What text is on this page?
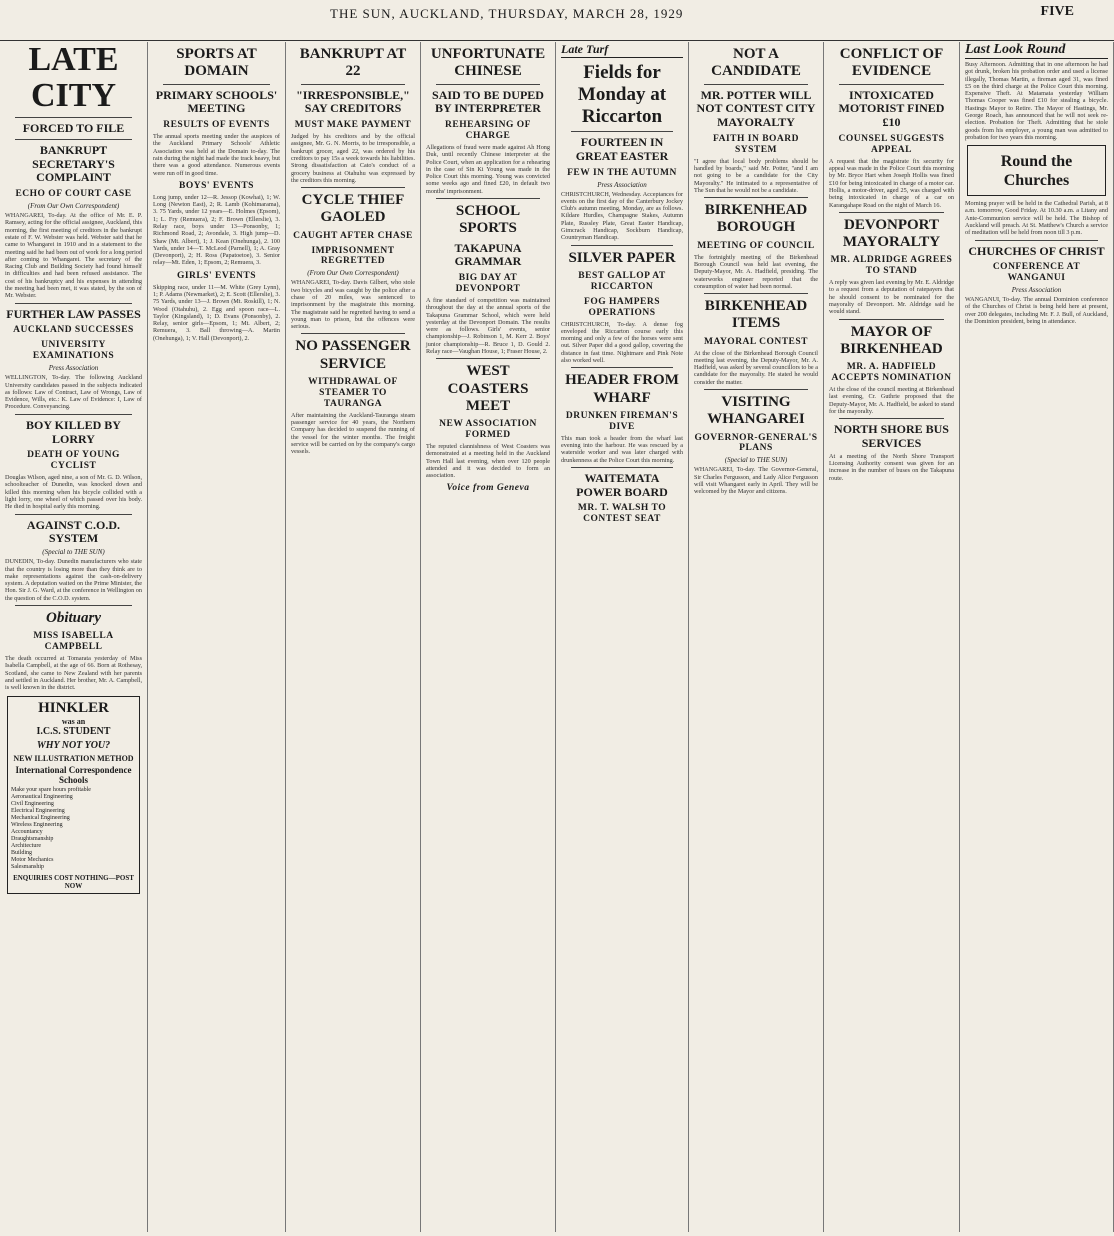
THE SUN, AUCKLAND, THURSDAY, MARCH 28, 1929	FIVE
LATE CITY
FORCED TO FILE
BANKRUPT SECRETARY'S COMPLAINT
ECHO OF COURT CASE
(From Our Own Correspondent)
WHANGAREI, To-day. At the office of Mr. E. P. Ramsey, acting for the official assignee, Auckland, this morning, the first meeting of creditors in the bankrupt estate of F. W. Webster was held. Webster said that he came to Whangarei in 1910 and in a statement to the meeting said he had been out of work for a long period after coming to Whangarei. The secretary of the Racing Club and Building Society had found himself in difficulties and had been refused assistance. The cost of his bankruptcy and his expenses in attending the meeting had been met, it was stated, by the son of Mr. Webster.
FURTHER LAW PASSES
AUCKLAND SUCCESSES
UNIVERSITY EXAMINATIONS
Press Association
WELLINGTON, To-day. The following Auckland University candidates passed in the subjects indicated as follows: Law of Contract, Law of Wrongs, Law of Evidence, Wills, etc.: K. Law of Evidence: I, Law of Procedure. Conveyancing.
BOY KILLED BY LORRY
DEATH OF YOUNG CYCLIST
Douglas Wilson, aged nine, a son of Mr. G. D. Wilson, schoolteacher of Dunedin, was knocked down and killed this morning when his bicycle collided with a light lorry, one wheel of which passed over his body. He died in hospital early this morning.
AGAINST C.O.D. SYSTEM
(Special to THE SUN)
DUNEDIN, To-day. Dunedin manufacturers who state that the country is losing more than they think are to make representations against the cash-on-delivery system. A deputation waited on the Prime Minister, the Hon. Sir J. G. Ward, at the conference in Wellington on the question of the C.O.D. system.
Obituary
MISS ISABELLA CAMPBELL
The death occurred at Tomarata yesterday of Miss Isabella Campbell, at the age of 66. Born at Rothesay, Scotland, she came to New Zealand with her parents and settled in Auckland. Her brother, Mr. A. Campbell, is well known in the district.
HINKLER
was an
I.C.S. STUDENT
WHY NOT YOU?
NEW ILLUSTRATION METHOD
International Correspondence Schools
Make your spare hours profitable
Aeronautical Engineering
Civil Engineering
Electrical Engineering
Mechanical Engineering
Wireless Engineering
Accountancy
Draughtsmanship
Architecture
Building
Motor Mechanics
Salesmanship
ENQUIRIES COST NOTHING—POST NOW
SPORTS AT DOMAIN
PRIMARY SCHOOLS' MEETING
RESULTS OF EVENTS
The annual sports meeting under the auspices of the Auckland Primary Schools' Athletic Association was held at the Domain to-day. The rain during the night had made the track heavy, but there was a good attendance. Numerous events were run off in good time.
BOYS' EVENTS
Long jump, under 12—R. Jessop (Kowhai), 1; W. Long (Newton East), 2; R. Lamb (Kohimarama), 3. 75 Yards, under 12 years—E. Holmes (Epsom), 1; L. Fry (Remuera), 2; F. Brown (Ellerslie), 3. Relay race, boys under 13—Ponsonby, 1; Richmond Road, 2; Avondale, 3. High jump—D. Shaw (Mt. Albert), 1; J. Kean (Onehunga), 2. 100 Yards, under 14—T. McLeod (Parnell), 1; A. Gray (Devonport), 2; H. Ross (Papatoetoe), 3. Senior relay—Mt. Eden, 1; Epsom, 2; Remuera, 3.
GIRLS' EVENTS
Skipping race, under 11—M. White (Grey Lynn), 1; P. Adams (Newmarket), 2; E. Scott (Ellerslie), 3. 75 Yards, under 13—J. Brown (Mt. Roskill), 1; N. Wood (Otahuhu), 2. Egg and spoon race—L. Taylor (Kingsland), 1; D. Evans (Ponsonby), 2. Relay, senior girls—Epsom, 1; Mt. Albert, 2; Remuera, 3. Ball throwing—A. Martin (Onehunga), 1; V. Hall (Devonport), 2.
BANKRUPT AT 22
"IRRESPONSIBLE," SAY CREDITORS
MUST MAKE PAYMENT
Judged by his creditors and by the official assignee, Mr. G. N. Morris, to be irresponsible, a bankrupt grocer, aged 22, was ordered by his creditors to pay 15s a week towards his liabilities. Strong dissatisfaction at Cato's conduct of a grocery business at Otahuhu was expressed by the creditors this morning.
CYCLE THIEF GAOLED
CAUGHT AFTER CHASE
IMPRISONMENT REGRETTED
(From Our Own Correspondent)
WHANGAREI, To-day. Davis Gilbert, who stole two bicycles and was caught by the police after a chase of 20 miles, was sentenced to imprisonment by the magistrate this morning. The magistrate said he regretted having to send a young man to prison, but the offences were serious.
NO PASSENGER SERVICE
WITHDRAWAL OF STEAMER TO TAURANGA
After maintaining the Auckland-Tauranga steam passenger service for 40 years, the Northern Company has decided to suspend the running of the vessel for the winter months. The freight service will be carried on by the company's cargo vessels.
UNFORTUNATE CHINESE
SAID TO BE DUPED BY INTERPRETER
REHEARSING OF CHARGE
Allegations of fraud were made against Ah Hong Duk, until recently Chinese interpreter at the Police Court, when an application for a rehearing in the case of Sin Ki Young was made in the Police Court this morning. Young was convicted some weeks ago and fined £20, in default two months' imprisonment.
SCHOOL SPORTS
TAKAPUNA GRAMMAR
BIG DAY AT DEVONPORT
A fine standard of competition was maintained throughout the day at the annual sports of the Takapuna Grammar School, which were held yesterday at the Devonport Domain. The results were as follows. Girls' events, senior championship—J. Robinson 1, M. Kerr 2. Boys' junior championship—R. Bruce 1, D. Gould 2. Relay race—Vaughan House, 1; Fraser House, 2.
WEST COASTERS MEET
NEW ASSOCIATION FORMED
The reputed clannishness of West Coasters was demonstrated at a meeting held in the Auckland Town Hall last evening, when over 120 people attended and it was decided to form an association.
Voice from Geneva
Late Turf
Fields for Monday at Riccarton
FOURTEEN IN GREAT EASTER
FEW IN THE AUTUMN
Press Association
CHRISTCHURCH, Wednesday. Acceptances for events on the first day of the Canterbury Jockey Club's autumn meeting, Monday, are as follows. Kildare Hurdles, Champagne Stakes, Autumn Plate, Russley Plate, Great Easter Handicap, Gimcrack Handicap, Sockburn Handicap, Countryman Handicap.
SILVER PAPER
BEST GALLOP AT RICCARTON
FOG HAMPERS OPERATIONS
CHRISTCHURCH, To-day. A dense fog enveloped the Riccarton course early this morning and only a few of the horses were sent out. Silver Paper did a good gallop, covering the distance in fast time. Nightmare and Pink Note also worked well.
HEADER FROM WHARF
DRUNKEN FIREMAN'S DIVE
This man took a header from the wharf last evening into the harbour. He was rescued by a waterside worker and was later charged with drunkenness at the Police Court this morning.
WAITEMATA POWER BOARD
MR. T. WALSH TO CONTEST SEAT
NOT A CANDIDATE
MR. POTTER WILL NOT CONTEST CITY MAYORALTY
FAITH IN BOARD SYSTEM
"I agree that local body problems should be handled by boards," said Mr. Potter, "and I am not going to be a candidate for the City Mayoralty." He intimated to a representative of The Sun that he would not be a candidate.
BIRKENHEAD BOROUGH
MEETING OF COUNCIL
The fortnightly meeting of the Birkenhead Borough Council was held last evening, the Deputy-Mayor, Mr. A. Hadfield, presiding. The waterworks engineer reported that the consumption of water had been normal.
BIRKENHEAD ITEMS
MAYORAL CONTEST
At the close of the Birkenhead Borough Council meeting last evening, the Deputy-Mayor, Mr. A. Hadfield, was asked by several councillors to be a candidate for the mayoralty. He stated he would consider the matter.
VISITING WHANGAREI
GOVERNOR-GENERAL'S PLANS
(Special to THE SUN)
WHANGAREI, To-day. The Governor-General, Sir Charles Fergusson, and Lady Alice Fergusson will visit Whangarei early in April. They will be welcomed by the Mayor and citizens.
CONFLICT OF EVIDENCE
INTOXICATED MOTORIST FINED £10
COUNSEL SUGGESTS APPEAL
A request that the magistrate fix security for appeal was made in the Police Court this morning by Mr. Bryce Hart when Joseph Hollis was fined £10 for being intoxicated in charge of a motor car. Hollis, a motor-driver, aged 25, was charged with being intoxicated in charge of a car on Karangahape Road on the night of March 16.
DEVONPORT MAYORALTY
MR. ALDRIDGE AGREES TO STAND
A reply was given last evening by Mr. E. Aldridge to a request from a deputation of ratepayers that he should consent to be nominated for the mayoralty of Devonport. Mr. Aldridge said he would stand.
MAYOR OF BIRKENHEAD
MR. A. HADFIELD ACCEPTS NOMINATION
At the close of the council meeting at Birkenhead last evening, Cr. Guthrie proposed that the Deputy-Mayor, Mr. A. Hadfield, be asked to stand for the mayoralty.
NORTH SHORE BUS SERVICES
At a meeting of the North Shore Transport Licensing Authority consent was given for an increase in the number of buses on the Takapuna route.
Last Look Round
Busy Afternoon. Admitting that in one afternoon he had got drunk, broken his probation order and used a license illegally, Thomas Martin, a fireman aged 31, was fined £5 on the third charge at the Police Court this morning. Expensive Theft. At Matamata yesterday William Thomas Cooper was fined £10 for stealing a bicycle. Hastings Mayor to Retire. The Mayor of Hastings, Mr. George Roach, has announced that he will not seek re-election. Probation for Theft. Admitting that he stole goods from his employer, a young man was admitted to probation for two years this morning.
Round the Churches
Morning prayer will be held in the Cathedral Parish, at 8 a.m. tomorrow, Good Friday. At 10.30 a.m. a Litany and Ante-Communion service will be held. The Bishop of Auckland will preach. At St. Matthew's Church a service of meditation will be held from noon till 3 p.m.
CHURCHES OF CHRIST
CONFERENCE AT WANGANUI
Press Association
WANGANUI, To-day. The annual Dominion conference of the Churches of Christ is being held here at present, over 200 delegates, including Mr. F. J. Bull, of Auckland, the Dominion president, being in attendance.
